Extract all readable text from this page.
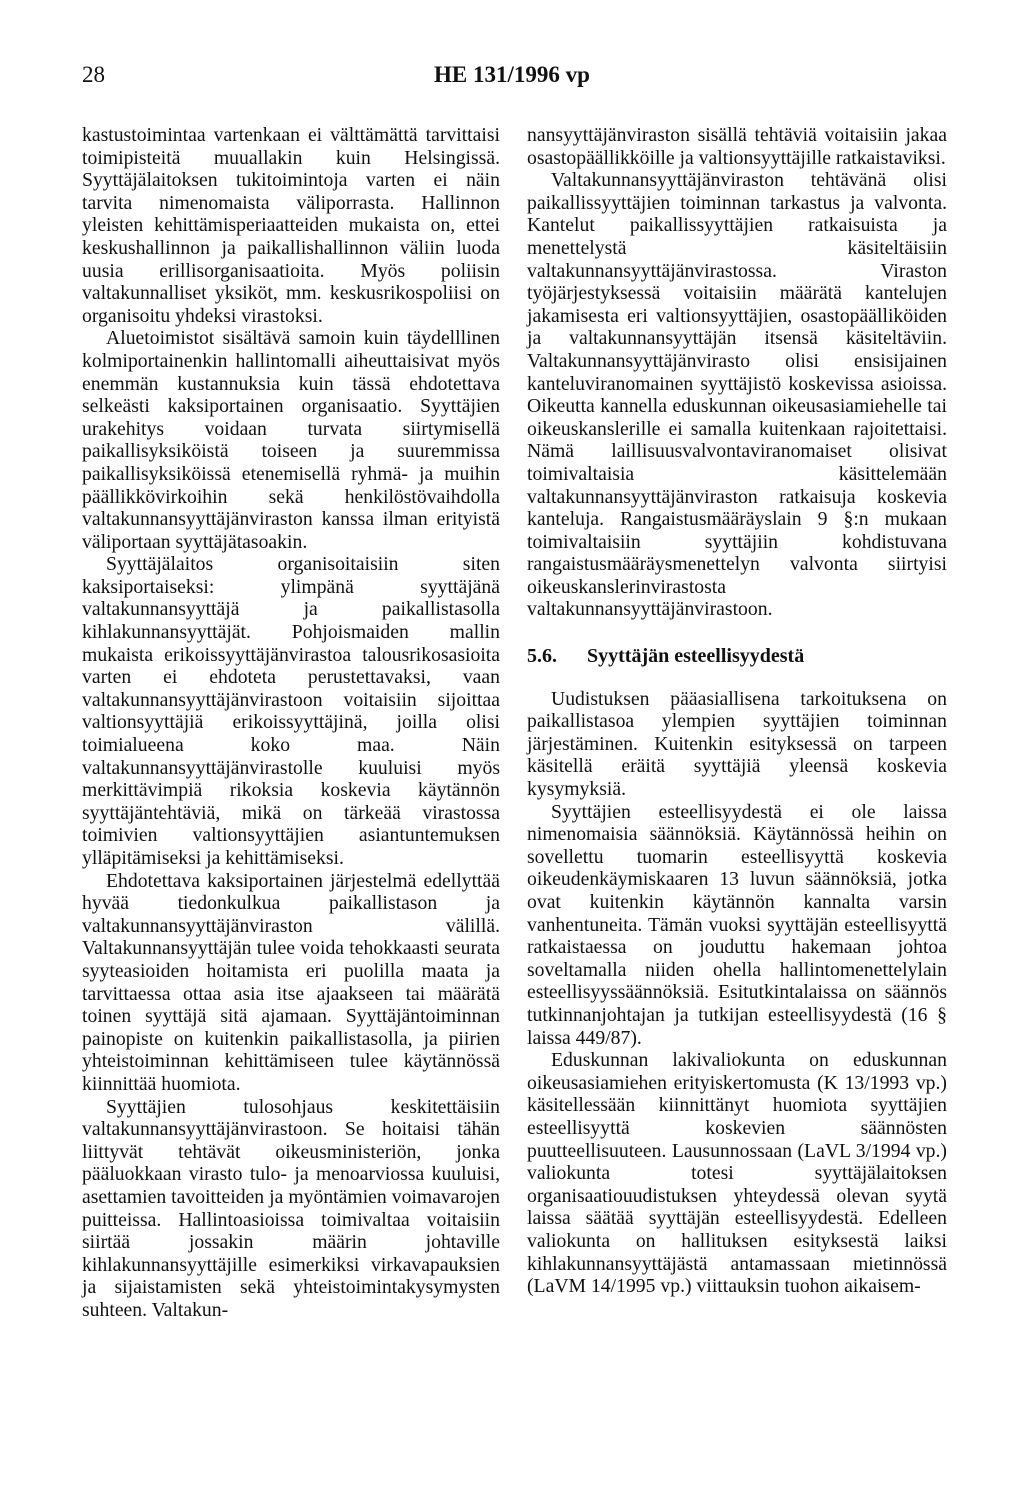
28	HE 131/1996 vp

kastustoimintaa vartenkaan ei välttämättä tarvittaisi toimipisteitä muuallakin kuin Helsingissä. Syyttäjälaitoksen tukitoimintoja varten ei näin tarvita nimenomaista väliporrasta. Hallinnon yleisten kehittämisperiaatteiden mukaista on, ettei keskushallinnon ja paikallishallinnon väliin luoda uusia erillisorganisaatioita. Myös poliisin valtakunnalliset yksiköt, mm. keskusrikospoliisi on organisoitu yhdeksi virastoksi.

Aluetoimistot sisältävä samoin kuin täydelllinen kolmiportainenkin hallintomalli aiheuttaisivat myös enemmän kustannuksia kuin tässä ehdotettava selkeästi kaksiportainen organisaatio. Syyttäjien urakehitys voidaan turvata siirtymisellä paikallisyksiköistä toiseen ja suuremmissa paikallisyksiköissä etenemisellä ryhmä- ja muihin päällikkövirkoihin sekä henkilöstövaihdolla valtakunnansyyttäjänviraston kanssa ilman erityistä väliportaan syyttäjätasoakin.

Syyttäjälaitos organisoitaisiin siten kaksiportaiseksi: ylimpänä syyttäjänä valtakunnansyyttäjä ja paikallistasolla kihlakunnansyyttäjät. Pohjoismaiden mallin mukaista erikoissyyttäjänvirastoa talousrikosasioita varten ei ehdoteta perustettavaksi, vaan valtakunnansyyttäjänvirastoon voitaisiin sijoittaa valtionsyyttäjiä erikoissyyttäjinä, joilla olisi toimialueena koko maa. Näin valtakunnansyyttäjänvirastolle kuuluisi myös merkittävimpiä rikoksia koskevia käytännön syyttäjäntehtäviä, mikä on tärkeää virastossa toimivien valtionsyyttäjien asiantuntemuksen ylläpitämiseksi ja kehittämiseksi.

Ehdotettava kaksiportainen järjestelmä edellyttää hyvää tiedonkulkua paikallistason ja valtakunnansyyttäjänviraston välillä. Valtakunnansyyttäjän tulee voida tehokkaasti seurata syyteasioiden hoitamista eri puolilla maata ja tarvittaessa ottaa asia itse ajaakseen tai määrätä toinen syyttäjä sitä ajamaan. Syyttäjäntoiminnan painopiste on kuitenkin paikallistasolla, ja piirien yhteistoiminnan kehittämiseen tulee käytännössä kiinnittää huomiota.

Syyttäjien tulosohjaus keskitettäisiin valtakunnansyyttäjänvirastoon. Se hoitaisi tähän liittyvät tehtävät oikeusministeriön, jonka pääluokkaan virasto tulo- ja menoarviossa kuuluisi, asettamien tavoitteiden ja myöntämien voimavarojen puitteissa. Hallintoasioissa toimivaltaa voitaisiin siirtää jossakin määrin johtaville kihlakunnansyyttäjille esimerkiksi virkavapauksien ja sijaistamisten sekä yhteistoimintakysymysten suhteen. Valtakun-

nansyyttäjänviraston sisällä tehtäviä voitaisiin jakaa osastopäällikköille ja valtionsyyttäjille ratkaistaviksi.

Valtakunnansyyttäjänviraston tehtävänä olisi paikallissyyttäjien toiminnan tarkastus ja valvonta. Kantelut paikallissyyttäjien ratkaisuista ja menettelystä käsiteltäisiin valtakunnansyyttäjänvirastossa. Viraston työjärjestyksessä voitaisiin määrätä kantelujen jakamisesta eri valtionsyyttäjien, osastopäälliköiden ja valtakunnansyyttäjän itsensä käsiteltäviin. Valtakunnansyyttäjänvirasto olisi ensisijainen kanteluviranomainen syyttäjistö koskevissa asioissa. Oikeutta kannella eduskunnan oikeusasiamiehelle tai oikeuskanslerille ei samalla kuitenkaan rajoitettaisi. Nämä laillisuusvalvontaviranomaiset olisivat toimivaltaisia käsittelemään valtakunnansyyttäjänviraston ratkaisuja koskevia kanteluja. Rangaistusmääräyslain 9 §:n mukaan toimivaltaisiin syyttäjiin kohdistuvana rangaistusmääräysmenettelyn valvonta siirtyisi oikeuskanslerinvirastosta valtakunnansyyttäjänvirastoon.

5.6. Syyttäjän esteellisyydestä

Uudistuksen pääasiallisena tarkoituksena on paikallistasoa ylempien syyttäjien toiminnan järjestäminen. Kuitenkin esityksessä on tarpeen käsitellä eräitä syyttäjiä yleensä koskevia kysymyksiä.

Syyttäjien esteellisyydestä ei ole laissa nimenomaisia säännöksiä. Käytännössä heihin on sovellettu tuomarin esteellisyyttä koskevia oikeudenkäymiskaaren 13 luvun säännöksiä, jotka ovat kuitenkin käytännön kannalta varsin vanhentuneita. Tämän vuoksi syyttäjän esteellisyyttä ratkaistaessa on jouduttu hakemaan johtoa soveltamalla niiden ohella hallintomenettelylain esteellisyyssäännöksiä. Esitutkintalaissa on säännös tutkinnanjohtajan ja tutkijan esteellisyydestä (16 § laissa 449/87).

Eduskunnan lakivaliokunta on eduskunnan oikeusasiamiehen erityiskertomusta (K 13/1993 vp.) käsitellessään kiinnittänyt huomiota syyttäjien esteellisyyttä koskevien säännösten puutteellisuuteen. Lausunnossaan (LaVL 3/1994 vp.) valiokunta totesi syyttäjälaitoksen organisaatiouudistuksen yhteydessä olevan syytä laissa säätää syyttäjän esteellisyydestä. Edelleen valiokunta on hallituksen esityksestä laiksi kihlakunnansyyttäjästä antamassaan mietinnössä (LaVM 14/1995 vp.) viittauksin tuohon aikaisem-
